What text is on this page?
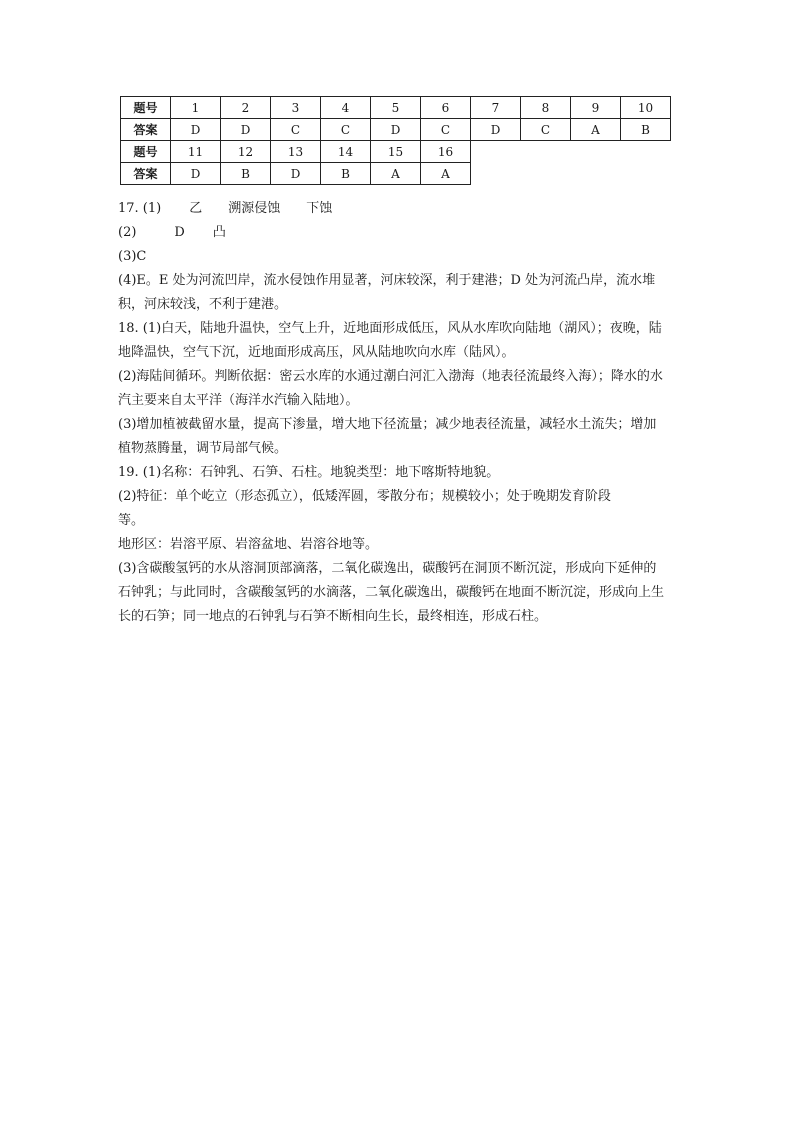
题号	1	2	3	4	5	6	7	8	9	10
答案	D	D	C	C	D	C	D	C	A	B
题号	11	12	13	14	15	16				
答案	D	B	D	B	A	A				
17. (1) 乙 溯源侵蚀 下蚀
(2)	D 凸
(3)C
(4)E。E 处为河流凹岸，流水侵蚀作用显著，河床较深，利于建港；D 处为河流凸岸，流水堆积，河床较浅，不利于建港。
18. (1)白天，陆地升温快，空气上升，近地面形成低压，风从水库吹向陆地（湖风）；夜晚，陆地降温快，空气下沉，近地面形成高压，风从陆地吹向水库（陆风）。
(2)海陆间循环。判断依据：密云水库的水通过潮白河汇入渤海（地表径流最终入海）；降水的水汽主要来自太平洋（海洋水汽输入陆地）。
(3)增加植被截留水量，提高下渗量，增大地下径流量；减少地表径流量，减轻水土流失；增加植物蒸腾量，调节局部气候。
19. (1)名称：石钟乳、石笋、石柱。地貌类型：地下喀斯特地貌。
(2)特征：单个屹立（形态孤立），低矮浑圆，零散分布；规模较小；处于晚期发育阶段
等。
地形区：岩溶平原、岩溶盆地、岩溶谷地等。
(3)含碳酸氢钙的水从溶洞顶部滴落，二氧化碳逸出，碳酸钙在洞顶不断沉淀，形成向下延伸的石钟乳；与此同时，含碳酸氢钙的水滴落，二氧化碳逸出，碳酸钙在地面不断沉淀，形成向上生长的石笋；同一地点的石钟乳与石笋不断相向生长，最终相连，形成石柱。
